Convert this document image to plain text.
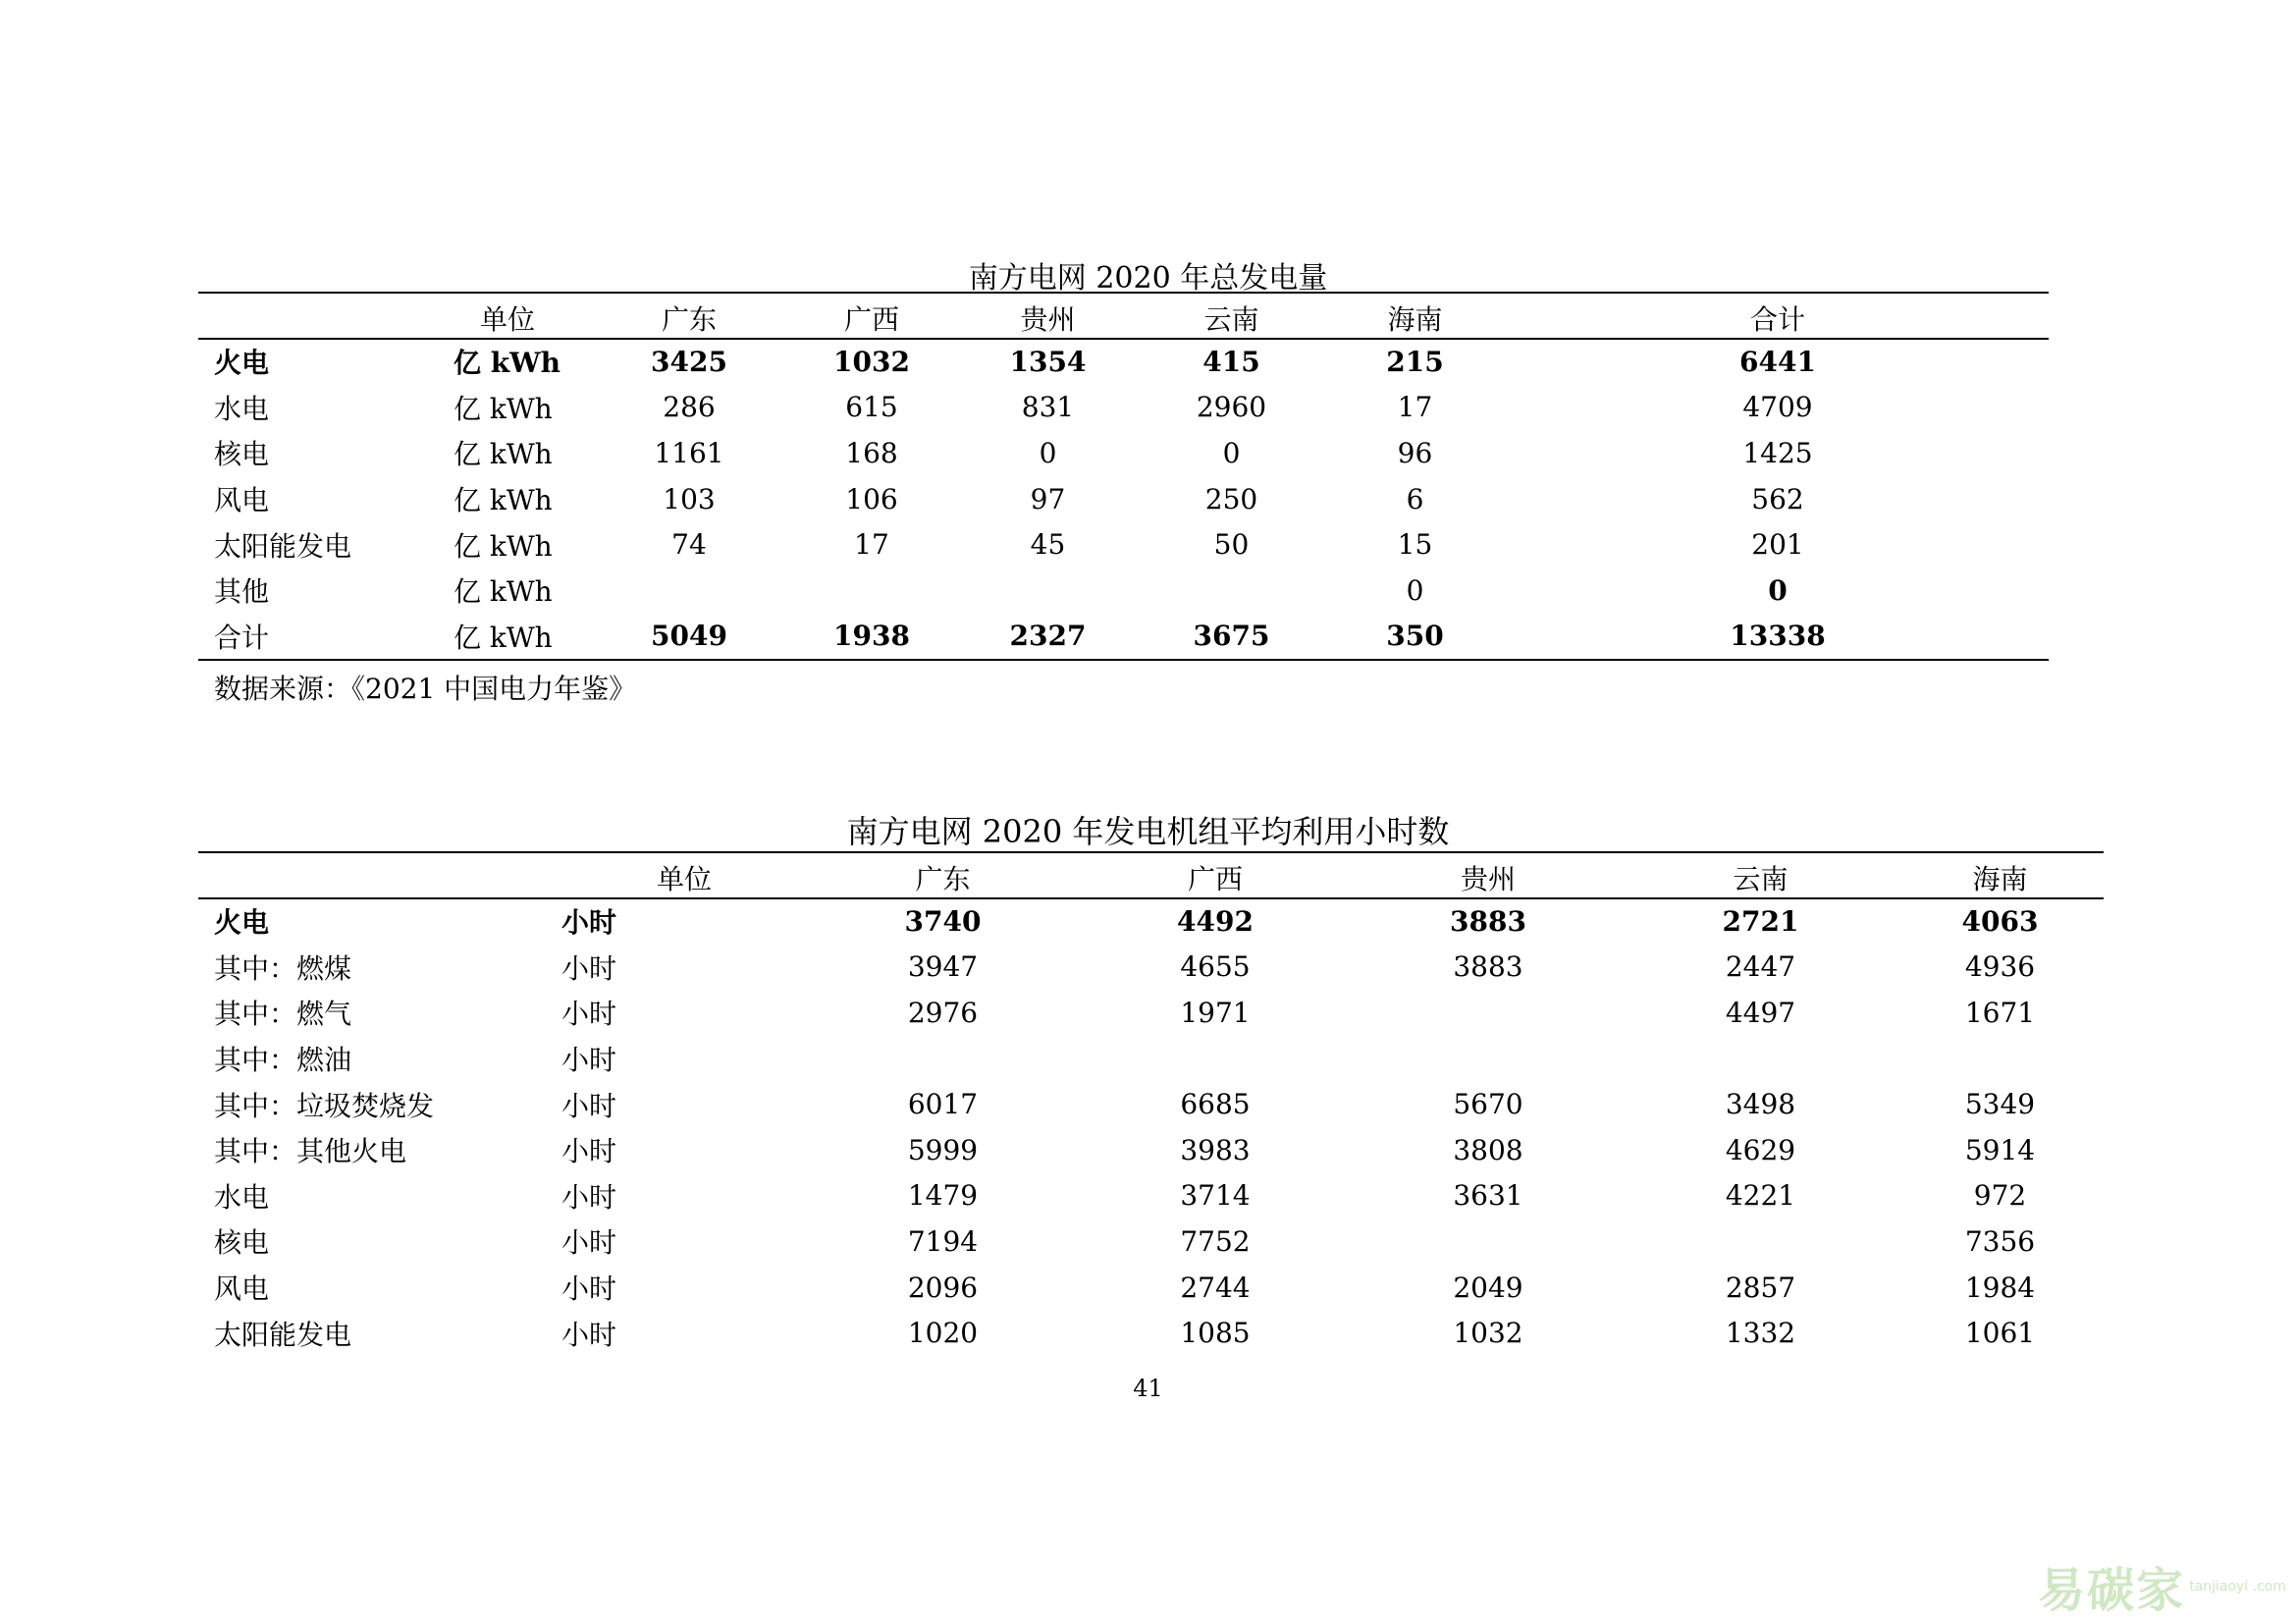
南方电网 2020 年总发电量
	单位	广东	广西	贵州	云南	海南	合计
火电	亿 kWh	3425	1032	1354	415	215	6441
水电	亿 kWh	286	615	831	2960	17	4709
核电	亿 kWh	1161	168	0	0	96	1425
风电	亿 kWh	103	106	97	250	6	562
太阳能发电	亿 kWh	74	17	45	50	15	201
其他	亿 kWh					0	0
合计	亿 kWh	5049	1938	2327	3675	350	13338
数据来源：《2021 中国电力年鉴》
南方电网 2020 年发电机组平均利用小时数
	单位	广东	广西	贵州	云南	海南
火电	小时	3740	4492	3883	2721	4063
其中：燃煤	小时	3947	4655	3883	2447	4936
其中：燃气	小时	2976	1971		4497	1671
其中：燃油	小时					
其中：垃圾焚烧发	小时	6017	6685	5670	3498	5349
其中：其他火电	小时	5999	3983	3808	4629	5914
水电	小时	1479	3714	3631	4221	972
核电	小时	7194	7752			7356
风电	小时	2096	2744	2049	2857	1984
太阳能发电	小时	1020	1085	1032	1332	1061
41
易碳家 tanjiaoyi .com
